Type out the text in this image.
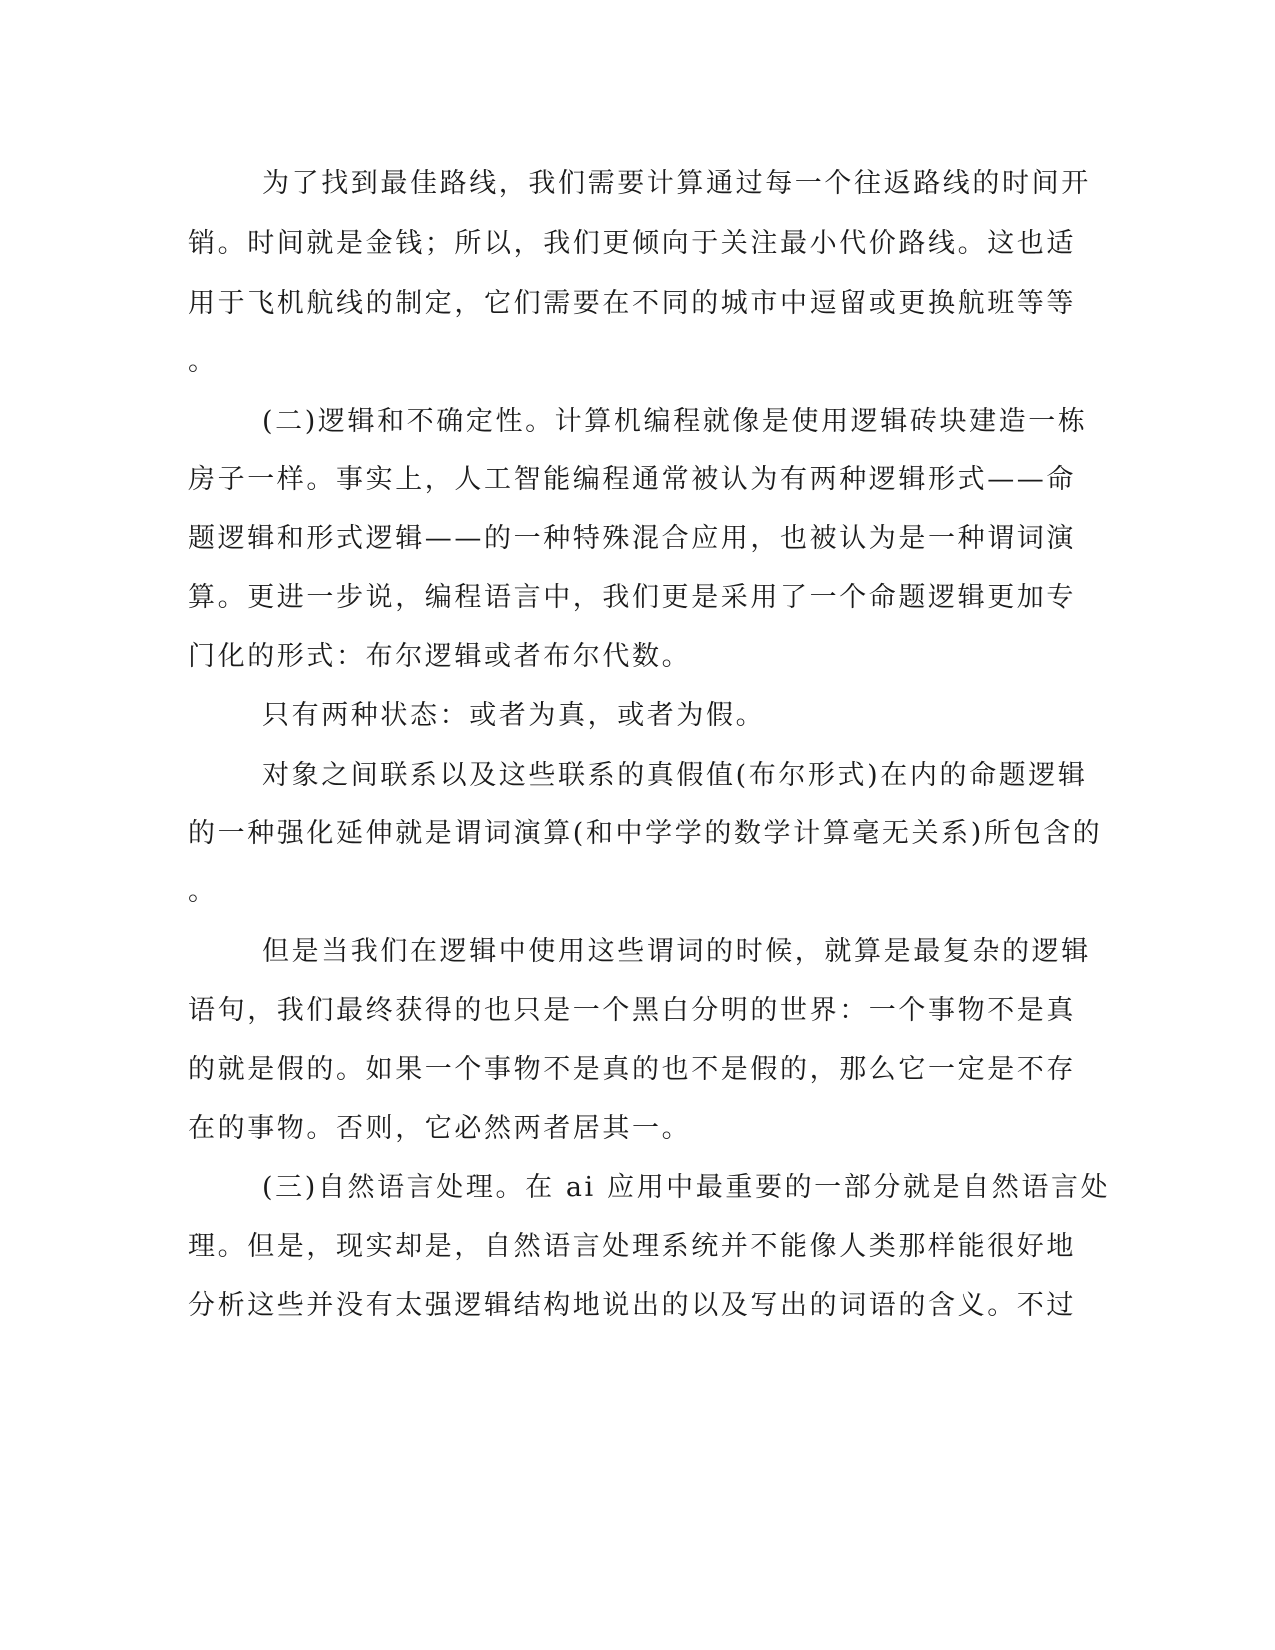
为了找到最佳路线，我们需要计算通过每一个往返路线的时间开
销。时间就是金钱；所以，我们更倾向于关注最小代价路线。这也适
用于飞机航线的制定，它们需要在不同的城市中逗留或更换航班等等
。
(二)逻辑和不确定性。计算机编程就像是使用逻辑砖块建造一栋
房子一样。事实上，人工智能编程通常被认为有两种逻辑形式——命
题逻辑和形式逻辑——的一种特殊混合应用，也被认为是一种谓词演
算。更进一步说，编程语言中，我们更是采用了一个命题逻辑更加专
门化的形式：布尔逻辑或者布尔代数。
只有两种状态：或者为真，或者为假。
对象之间联系以及这些联系的真假值(布尔形式)在内的命题逻辑
的一种强化延伸就是谓词演算(和中学学的数学计算毫无关系)所包含的
。
但是当我们在逻辑中使用这些谓词的时候，就算是最复杂的逻辑
语句，我们最终获得的也只是一个黑白分明的世界：一个事物不是真
的就是假的。如果一个事物不是真的也不是假的，那么它一定是不存
在的事物。否则，它必然两者居其一。
(三)自然语言处理。在 ai 应用中最重要的一部分就是自然语言处
理。但是，现实却是，自然语言处理系统并不能像人类那样能很好地
分析这些并没有太强逻辑结构地说出的以及写出的词语的含义。不过
